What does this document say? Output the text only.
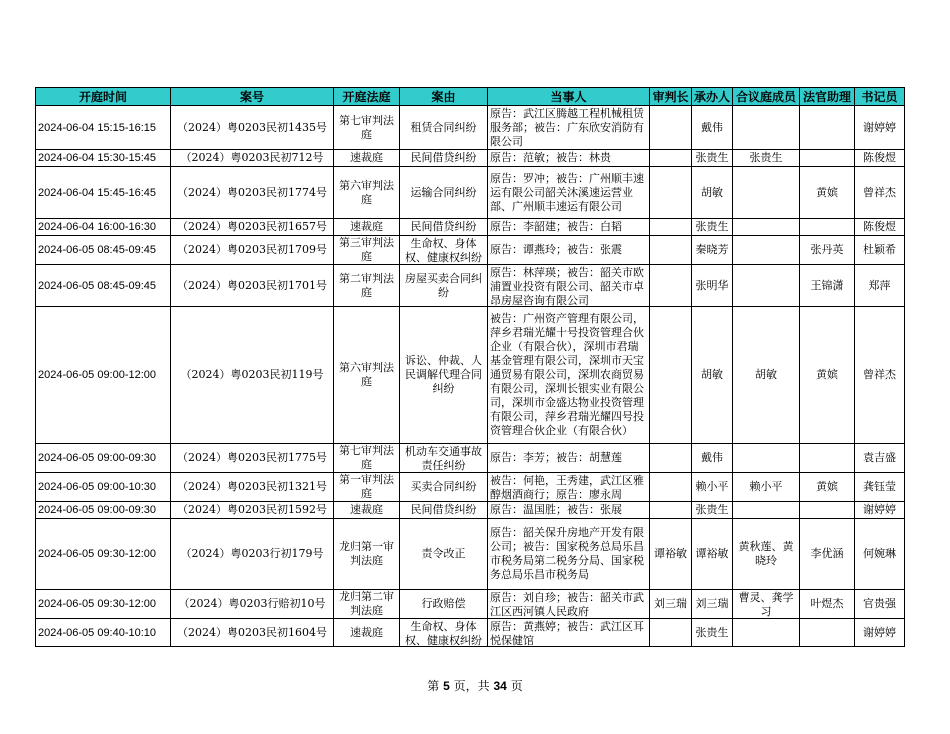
开庭时间	案号	开庭法庭	案由	当事人	审判长	承办人	合议庭成员	法官助理	书记员
2024-06-04 15:15-16:15	（2024）粤0203民初1435号	第七审判法庭	租赁合同纠纷	原告：武江区腾越工程机械租赁服务部；被告：广东欣安消防有限公司		戴伟			谢婷婷
2024-06-04 15:30-15:45	（2024）粤0203民初712号	速裁庭	民间借贷纠纷	原告：范敏；被告：林贵		张贵生	张贵生		陈俊煜
2024-06-04 15:45-16:45	（2024）粤0203民初1774号	第六审判法庭	运输合同纠纷	原告：罗冲；被告：广州顺丰速运有限公司韶关沐溪速运营业部、广州顺丰速运有限公司		胡敏		黄嫔	曾祥杰
2024-06-04 16:00-16:30	（2024）粤0203民初1657号	速裁庭	民间借贷纠纷	原告：李韶建；被告：白韬		张贵生			陈俊煜
2024-06-05 08:45-09:45	（2024）粤0203民初1709号	第三审判法庭	生命权、身体权、健康权纠纷	原告：谭燕玲；被告：张震		秦晓芳		张丹英	杜颖希
2024-06-05 08:45-09:45	（2024）粤0203民初1701号	第二审判法庭	房屋买卖合同纠纷	原告：林萍瑛；被告：韶关市欧浦置业投资有限公司、韶关市卓昂房屋咨询有限公司		张明华		王锦潇	郑萍
2024-06-05 09:00-12:00	（2024）粤0203民初119号	第六审判法庭	诉讼、仲裁、人民调解代理合同纠纷	被告：广州资产管理有限公司，萍乡君瑞光耀十号投资管理合伙企业（有限合伙），深圳市君瑞基金管理有限公司，深圳市天宝通贸易有限公司，深圳农商贸易有限公司，深圳长银实业有限公司，深圳市金盛达物业投资管理有限公司，萍乡君瑞光耀四号投资管理合伙企业（有限合伙）		胡敏	胡敏	黄嫔	曾祥杰
2024-06-05 09:00-09:30	（2024）粤0203民初1775号	第七审判法庭	机动车交通事故责任纠纷	原告：李芳；被告：胡慧莲		戴伟			袁吉盛
2024-06-05 09:00-10:30	（2024）粤0203民初1321号	第一审判法庭	买卖合同纠纷	被告：何艳，王秀建，武江区雅醇烟酒商行；原告：廖永周		赖小平	赖小平	黄嫔	龚钰莹
2024-06-05 09:00-09:30	（2024）粤0203民初1592号	速裁庭	民间借贷纠纷	原告：温国胜；被告：张展		张贵生			谢婷婷
2024-06-05 09:30-12:00	（2024）粤0203行初179号	龙归第一审判法庭	责令改正	原告：韶关保升房地产开发有限公司；被告：国家税务总局乐昌市税务局第二税务分局、国家税务总局乐昌市税务局	谭裕敏	谭裕敏	黄秋莲、黄晓玲	李优涵	何婉琳
2024-06-05 09:30-12:00	（2024）粤0203行赔初10号	龙归第二审判法庭	行政赔偿	原告：刘自珍；被告：韶关市武江区西河镇人民政府	刘三瑞	刘三瑞	曹灵、龚学习	叶煜杰	官贵强
2024-06-05 09:40-10:10	（2024）粤0203民初1604号	速裁庭	生命权、身体权、健康权纠纷	原告：黄燕婷；被告：武江区耳悦保健馆		张贵生			谢婷婷
第 5 页，共 34 页
